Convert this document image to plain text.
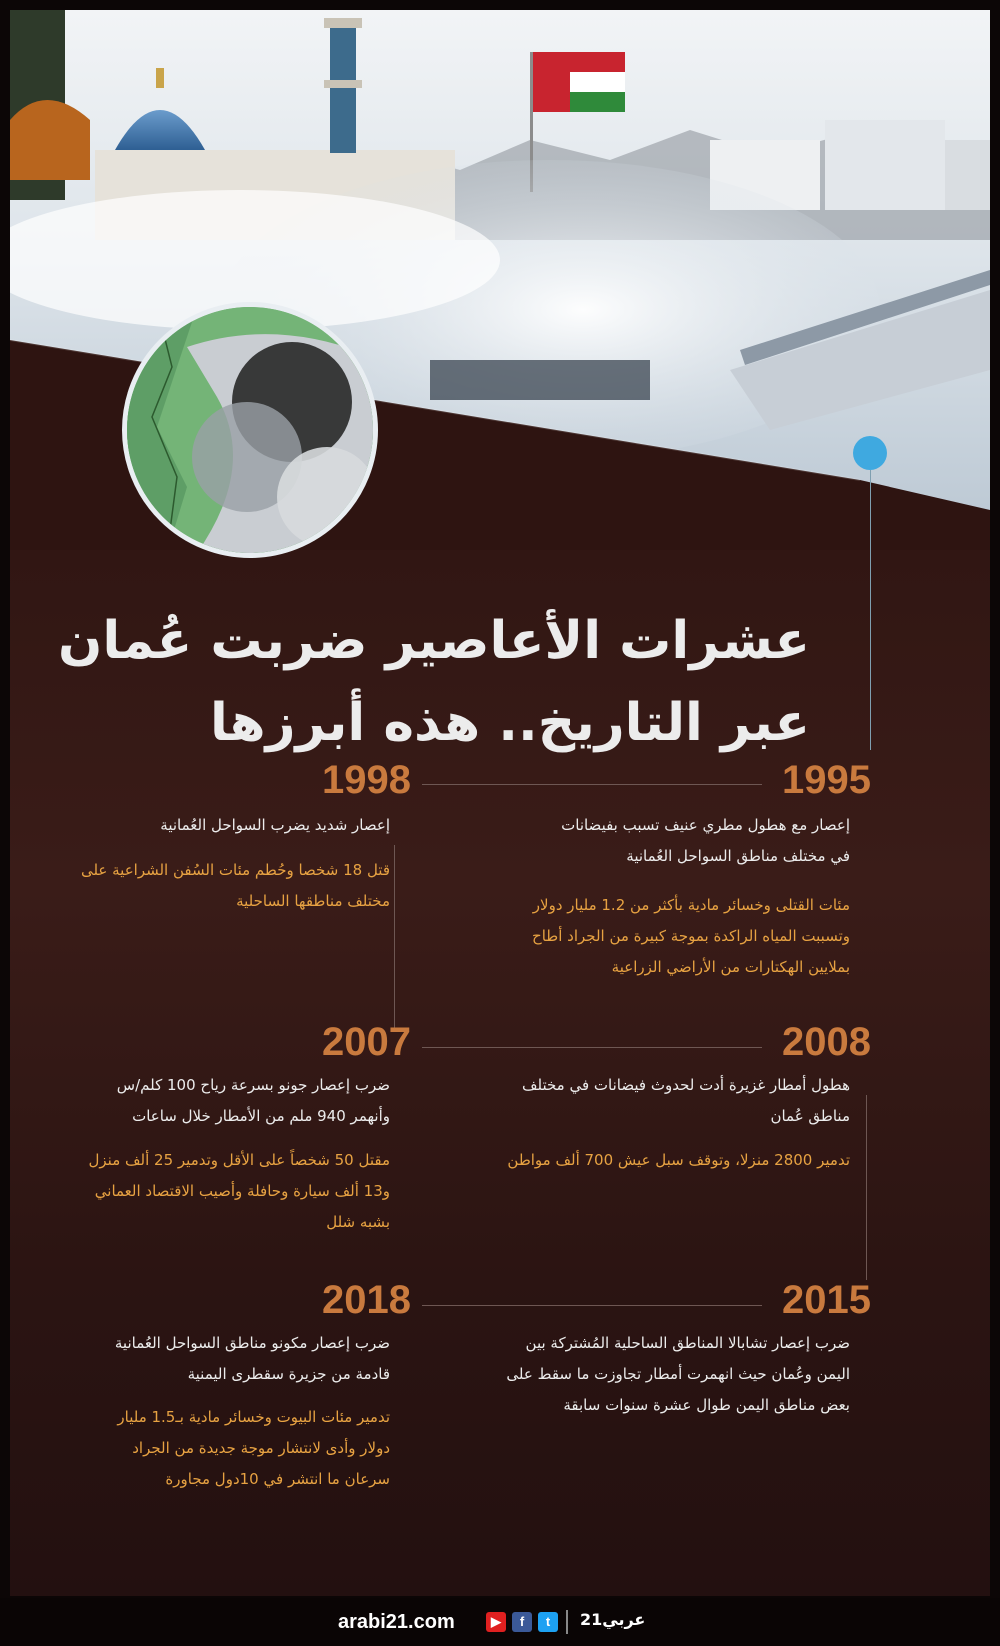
عشرات الأعاصير ضربت عُمان
عبر التاريخ.. هذه أبرزها
1995
إعصار مع هطول مطري عنيف تسبب بفيضانات
في مختلف مناطق السواحل العُمانية
مئات القتلى وخسائر مادية بأكثر من 1.2 مليار دولار
وتسببت المياه الراكدة بموجة كبيرة من الجراد أطاح
بملايين الهكتارات من الأراضي الزراعية
1998
إعصار شديد يضرب السواحل العُمانية
قتل 18 شخصا وحُطم مئات السُفن الشراعية على
مختلف مناطقها الساحلية
2008
هطول أمطار غزيرة أدت لحدوث فيضانات في مختلف
مناطق عُمان
تدمير 2800 منزلا، وتوقف سبل عيش 700 ألف مواطن
2007
ضرب إعصار جونو بسرعة رياح 100 كلم/س
وأنهمر 940 ملم من الأمطار خلال ساعات
مقتل 50 شخصاً على الأقل وتدمير 25 ألف منزل
و13 ألف سيارة وحافلة وأصيب الاقتصاد العماني
بشبه شلل
2015
ضرب إعصار تشابالا المناطق الساحلية المُشتركة بين
اليمن وعُمان حيث انهمرت أمطار تجاوزت ما سقط على
بعض مناطق اليمن طوال عشرة سنوات سابقة
2018
ضرب إعصار مكونو مناطق السواحل العُمانية
قادمة من جزيرة سقطرى اليمنية
تدمير مئات البيوت وخسائر مادية بـ1.5 مليار
دولار وأدى لانتشار موجة جديدة من الجراد
سرعان ما انتشر في 10دول مجاورة
arabi21.com	▶	f	t	عربي21
